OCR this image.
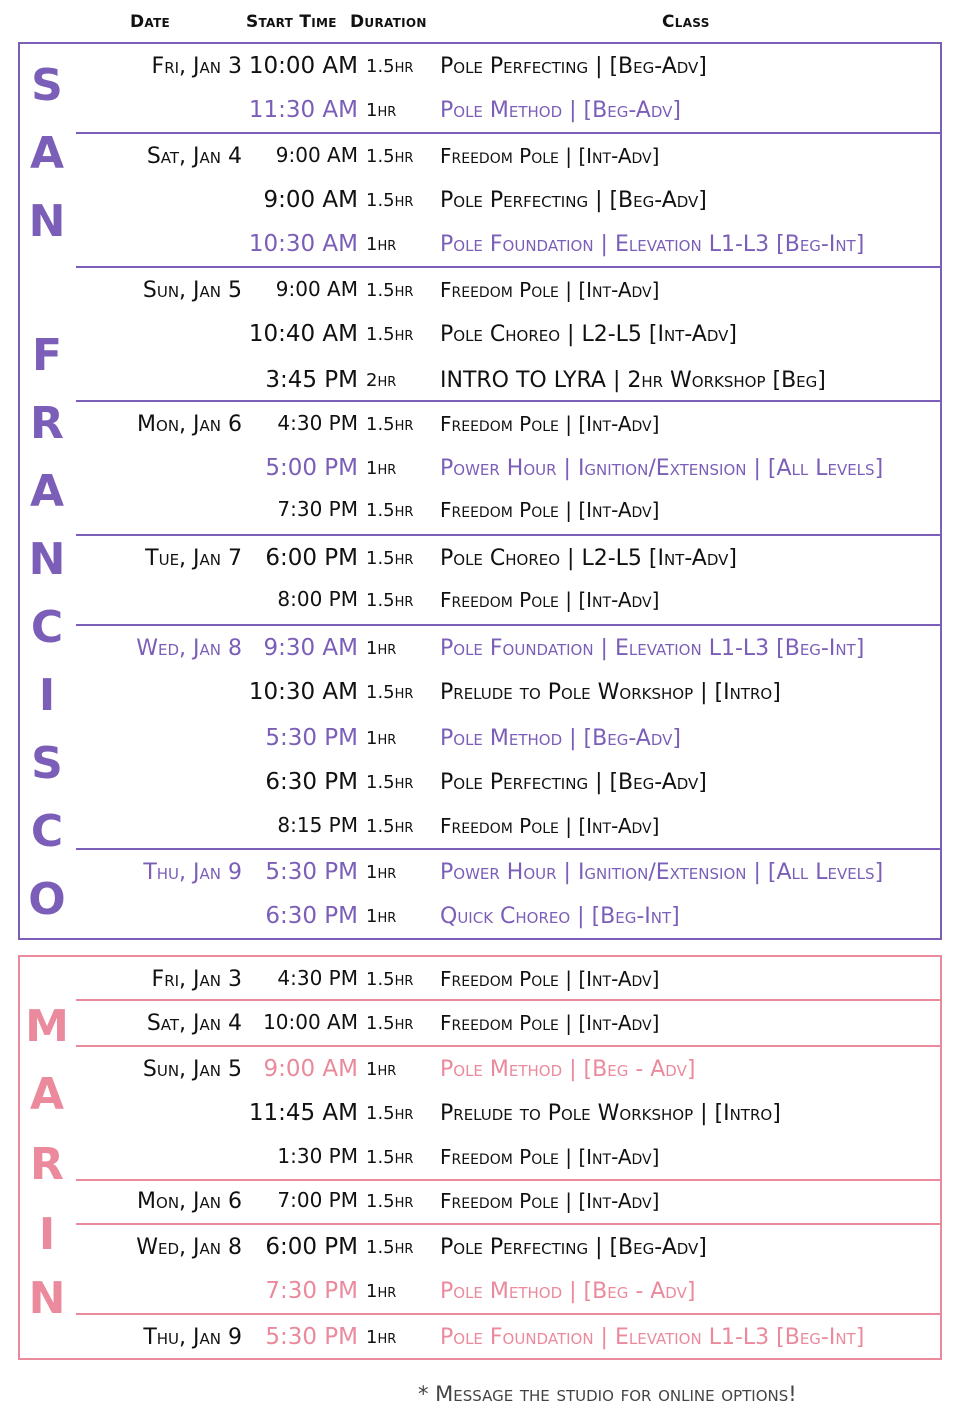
Date	Start Time Duration	Class
S
A
N
F
R
A
N
C
I
S
C
O
Fri, Jan 3 10:00 AM 1.5hr	Pole Perfecting | [Beg-Adv]
11:30 AM 1hr	Pole Method | [Beg-Adv]
Sat, Jan 4	9:00 AM 1.5hr	Freedom Pole | [Int-Adv]
9:00 AM 1.5hr	Pole Perfecting | [Beg-Adv]
10:30 AM 1hr	Pole Foundation | Elevation L1-L3 [Beg-Int]
Sun, Jan 5	9:00 AM 1.5hr	Freedom Pole | [Int-Adv]
10:40 AM 1.5hr	Pole Choreo | L2-L5 [Int-Adv]
3:45 PM 2hr	INTRO TO LYRA | 2hr Workshop [Beg]
Mon, Jan 6	4:30 PM 1.5hr	Freedom Pole | [Int-Adv]
5:00 PM 1hr	Power Hour | Ignition/Extension | [All Levels]
7:30 PM 1.5hr	Freedom Pole | [Int-Adv]
Tue, Jan 7	6:00 PM 1.5hr	Pole Choreo | L2-L5 [Int-Adv]
8:00 PM 1.5hr	Freedom Pole | [Int-Adv]
Wed, Jan 8 9:30 AM 1hr	Pole Foundation | Elevation L1-L3 [Beg-Int]
10:30 AM 1.5hr	Prelude to Pole Workshop | [Intro]
5:30 PM 1hr	Pole Method | [Beg-Adv]
6:30 PM 1.5hr	Pole Perfecting | [Beg-Adv]
8:15 PM 1.5hr	Freedom Pole | [Int-Adv]
Thu, Jan 9	5:30 PM 1hr	Power Hour | Ignition/Extension | [All Levels]
6:30 PM 1hr	Quick Choreo | [Beg-Int]
M
A
R
I
N
Fri, Jan 3	4:30 PM 1.5hr	Freedom Pole | [Int-Adv]
Sat, Jan 4	10:00 AM 1.5hr	Freedom Pole | [Int-Adv]
Sun, Jan 5 9:00 AM 1hr	Pole Method | [Beg - Adv]
11:45 AM 1.5hr	Prelude to Pole Workshop | [Intro]
1:30 PM 1.5hr	Freedom Pole | [Int-Adv]
Mon, Jan 6	7:00 PM 1.5hr	Freedom Pole | [Int-Adv]
Wed, Jan 8	6:00 PM 1.5hr	Pole Perfecting | [Beg-Adv]
7:30 PM 1hr	Pole Method | [Beg - Adv]
Thu, Jan 9	5:30 PM 1hr	Pole Foundation | Elevation L1-L3 [Beg-Int]
* Message the studio for online options!
